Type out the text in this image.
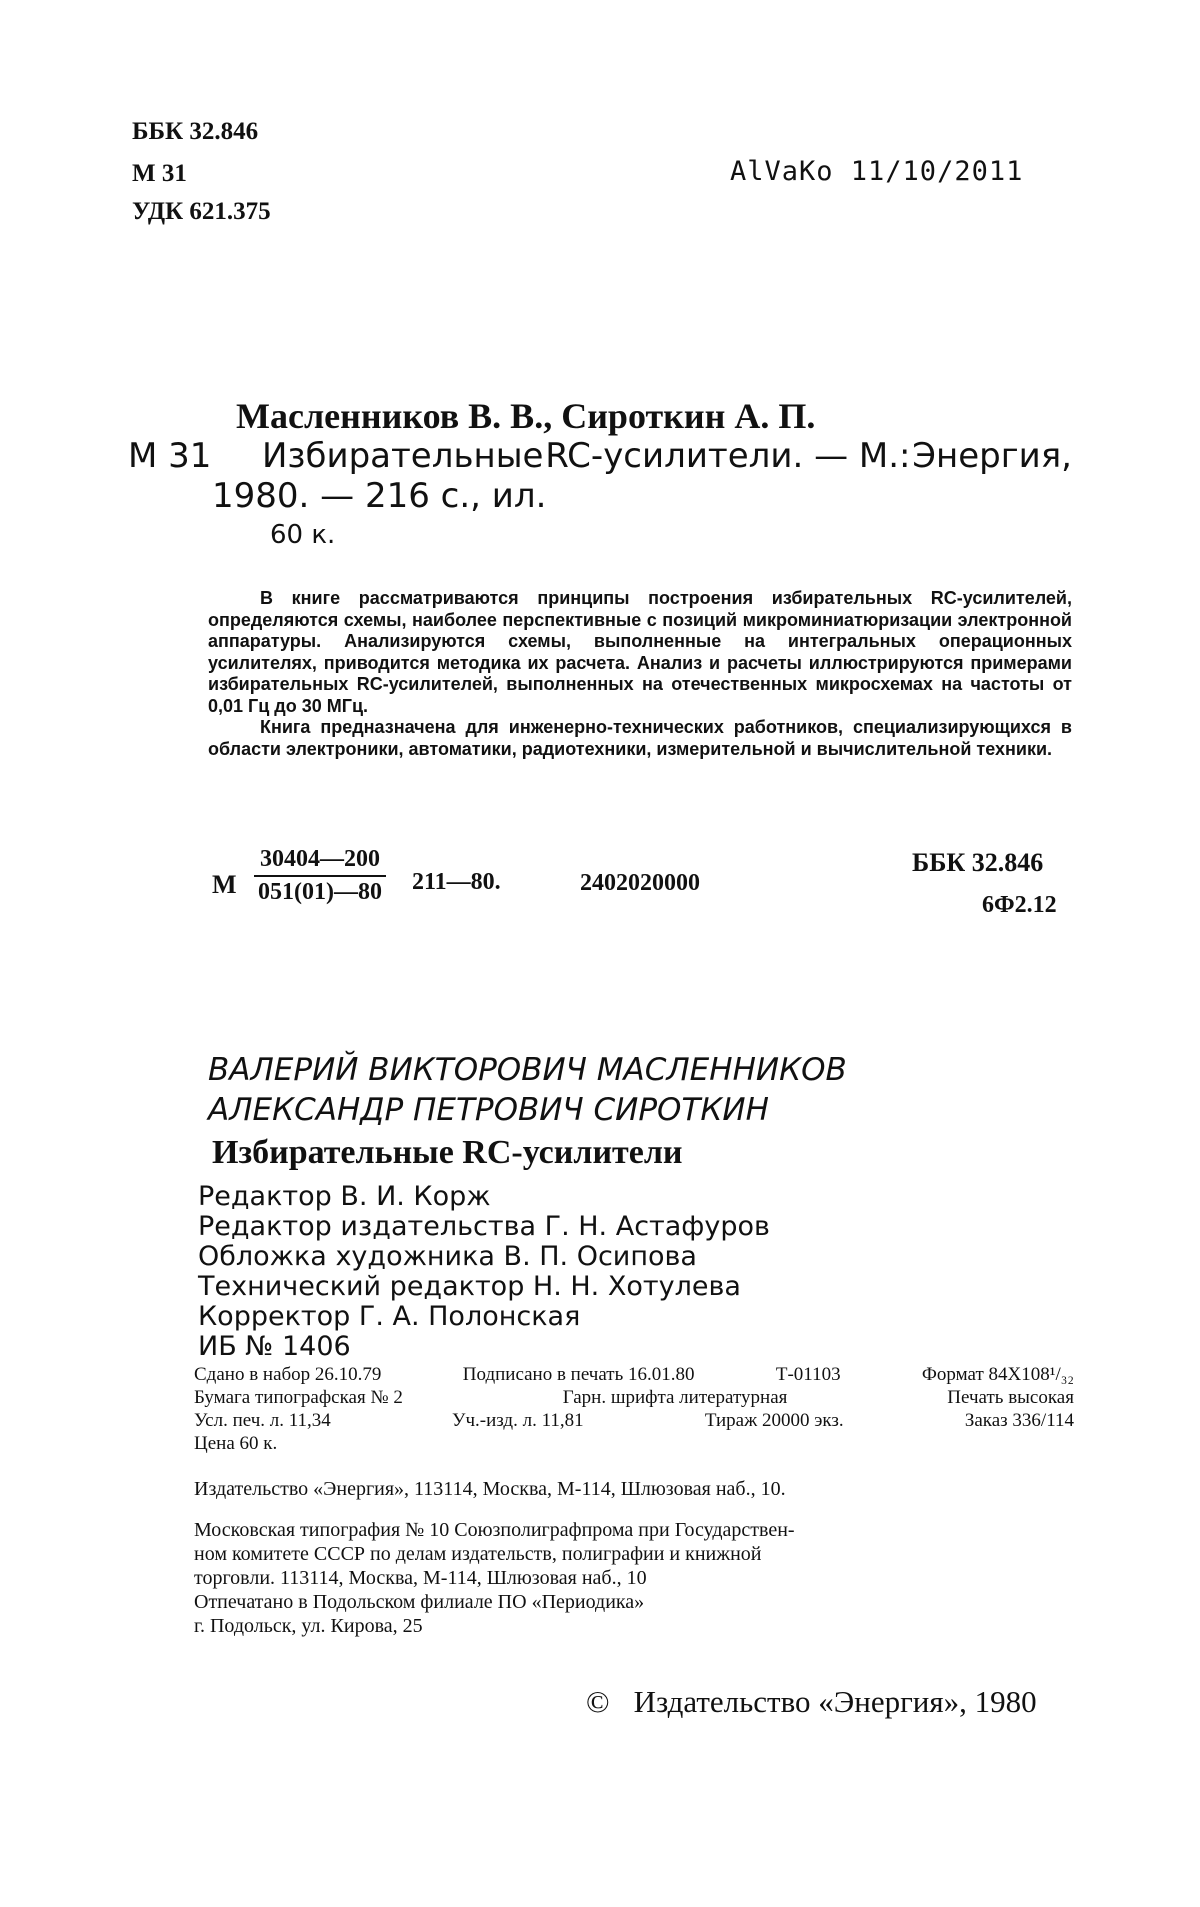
ББК 32.846
М 31
УДК 621.375
AlVaKo 11/10/2011
Масленников В. В., Сироткин А. П.
М 31 Избирательные RC-усилители. — М.: Энергия,
1980. — 216 с., ил.
60 к.

В книге рассматриваются принципы построения избирательных RC-усилителей, определяются схемы, наиболее перспективные с позиций микроминиатюризации электронной аппаратуры. Анализируются схемы, выполненные на интегральных операционных усилителях, приводится методика их расчета. Анализ и расчеты иллюстрируются примерами избирательных RC-усилителей, выполненных на отечественных микросхемах на частоты от 0,01 Гц до 30 МГц.

Книга предназначена для инженерно-технических работников, специализирующихся в области электроники, автоматики, радиотехники, измерительной и вычислительной техники.

М
30404—200
051(01)—80 211—80.	2402020000
ББК 32.846
6Ф2.12
ВАЛЕРИЙ ВИКТОРОВИЧ МАСЛЕННИКОВ
АЛЕКСАНДР ПЕТРОВИЧ СИРОТКИН
Избирательные RC-усилители
Редактор В. И. Корж
Редактор издательства Г. Н. Астафуров
Обложка художника В. П. Осипова
Технический редактор Н. Н. Хотулева
Корректор Г. А. Полонская
ИБ № 1406
Сдано в набор 26.10.79	Подписано в печать 16.01.80	Т-01103	Формат 84Х108¹/₃₂
Бумага типографская № 2	Гарн. шрифта литературная	Печать высокая
Усл. печ. л. 11,34	Уч.-изд. л. 11,81	Тираж 20000 экз.	Заказ 336/114
Цена 60 к.
Издательство «Энергия», 113114, Москва, М-114, Шлюзовая наб., 10.
Московская типография № 10 Союзполиграфпрома при Государствен-
ном комитете СССР по делам издательств, полиграфии и книжной
торговли. 113114, Москва, М-114, Шлюзовая наб., 10
Отпечатано в Подольском филиале ПО «Периодика»
г. Подольск, ул. Кирова, 25
© Издательство «Энергия», 1980
